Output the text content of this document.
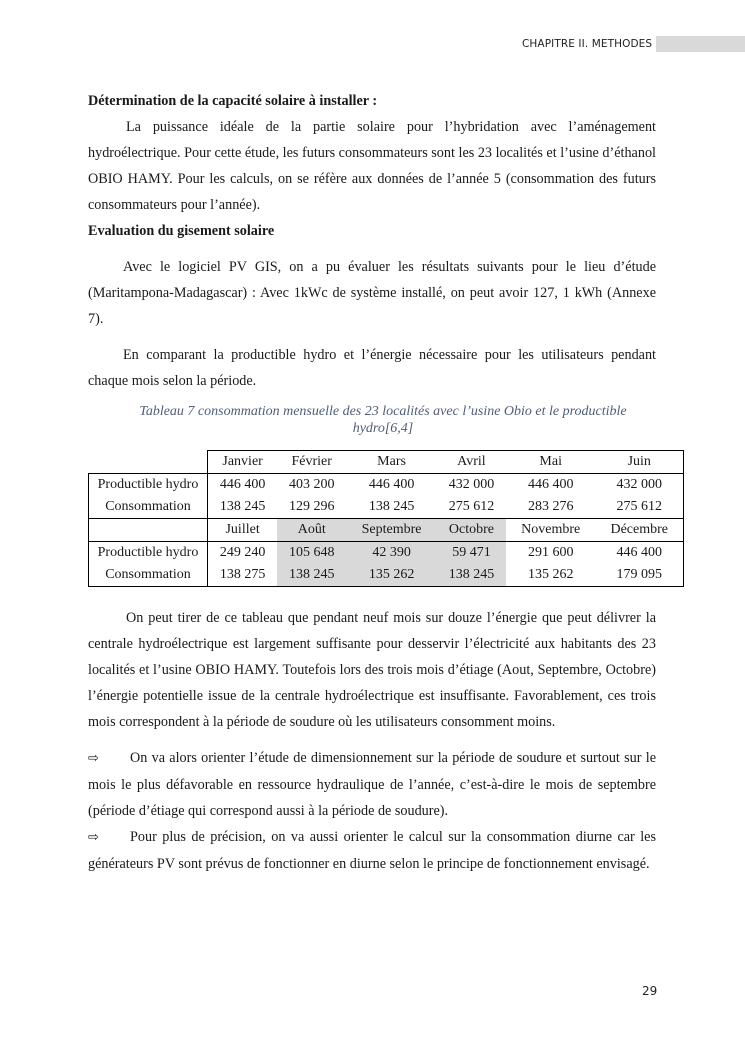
CHAPITRE II. METHODES

Détermination de la capacité solaire à installer :

La puissance idéale de la partie solaire pour l’hybridation avec l’aménagement hydroélectrique. Pour cette étude, les futurs consommateurs sont les 23 localités et l’usine d’éthanol OBIO HAMY. Pour les calculs, on se réfère aux données de l’année 5 (consommation des futurs consommateurs pour l’année).

Evaluation du gisement solaire

Avec le logiciel PV GIS, on a pu évaluer les résultats suivants pour le lieu d’étude (Maritampona-Madagascar) : Avec 1kWc de système installé, on peut avoir 127, 1 kWh (Annexe 7).

En comparant la productible hydro et l’énergie nécessaire pour les utilisateurs pendant chaque mois selon la période.

Tableau 7 consommation mensuelle des 23 localités avec l’usine Obio et le productible
hydro[6,4]
	Janvier	Février	Mars	Avril	Mai	Juin
Productible hydro	446 400	403 200	446 400	432 000	446 400	432 000
Consommation	138 245	129 296	138 245	275 612	283 276	275 612
	Juillet	Août	Septembre	Octobre	Novembre	Décembre
Productible hydro	249 240	105 648	42 390	59 471	291 600	446 400
Consommation	138 275	138 245	135 262	138 245	135 262	179 095

On peut tirer de ce tableau que pendant neuf mois sur douze l’énergie que peut délivrer la centrale hydroélectrique est largement suffisante pour desservir l’électricité aux habitants des 23 localités et l’usine OBIO HAMY. Toutefois lors des trois mois d’étiage (Aout, Septembre, Octobre) l’énergie potentielle issue de la centrale hydroélectrique est insuffisante. Favorablement, ces trois mois correspondent à la période de soudure où les utilisateurs consomment moins.

⇨ On va alors orienter l’étude de dimensionnement sur la période de soudure et surtout sur le mois le plus défavorable en ressource hydraulique de l’année, c’est-à-dire le mois de septembre (période d’étiage qui correspond aussi à la période de soudure).

⇨ Pour plus de précision, on va aussi orienter le calcul sur la consommation diurne car les générateurs PV sont prévus de fonctionner en diurne selon le principe de fonctionnement envisagé.

29
